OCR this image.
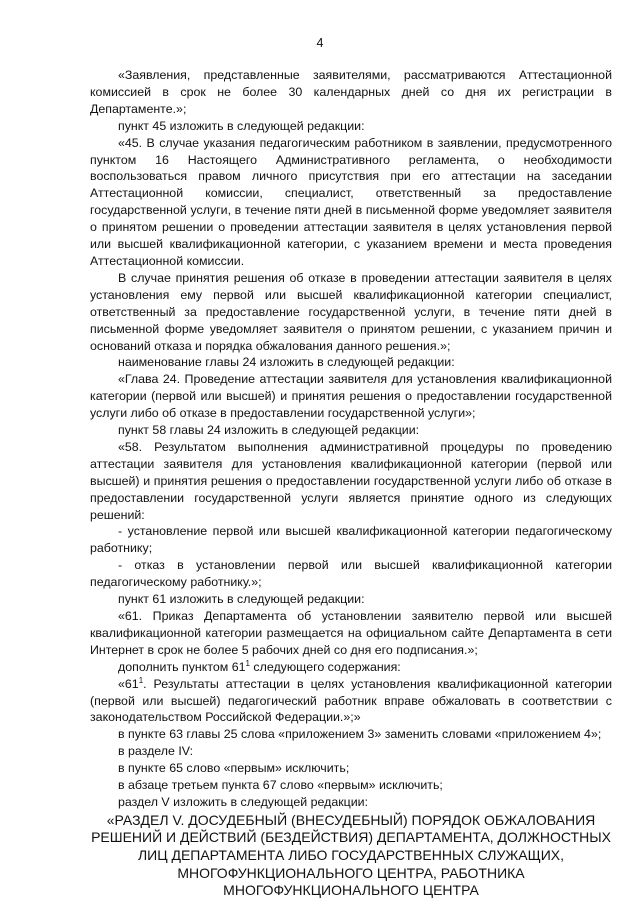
4

«Заявления, представленные заявителями, рассматриваются Аттестационной комиссией в срок не более 30 календарных дней со дня их регистрации в Департаменте.»;

пункт 45 изложить в следующей редакции:

«45. В случае указания педагогическим работником в заявлении, предусмотренного пунктом 16 Настоящего Административного регламента, о необходимости воспользоваться правом личного присутствия при его аттестации на заседании Аттестационной комиссии, специалист, ответственный за предоставление государственной услуги, в течение пяти дней в письменной форме уведомляет заявителя о принятом решении о проведении аттестации заявителя в целях установления первой или высшей квалификационной категории, с указанием времени и места проведения Аттестационной комиссии.

В случае принятия решения об отказе в проведении аттестации заявителя в целях установления ему первой или высшей квалификационной категории специалист, ответственный за предоставление государственной услуги, в течение пяти дней в письменной форме уведомляет заявителя о принятом решении, с указанием причин и оснований отказа и порядка обжалования данного решения.»;

наименование главы 24 изложить в следующей редакции:

«Глава 24. Проведение аттестации заявителя для установления квалификационной категории (первой или высшей) и принятия решения о предоставлении государственной услуги либо об отказе в предоставлении государственной услуги»;

пункт 58 главы 24 изложить в следующей редакции:

«58. Результатом выполнения административной процедуры по проведению аттестации заявителя для установления квалификационной категории (первой или высшей) и принятия решения о предоставлении государственной услуги либо об отказе в предоставлении государственной услуги является принятие одного из следующих решений:

- установление первой или высшей квалификационной категории педагогическому работнику;

- отказ в установлении первой или высшей квалификационной категории педагогическому работнику.»;

пункт 61 изложить в следующей редакции:

«61. Приказ Департамента об установлении заявителю первой или высшей квалификационной категории размещается на официальном сайте Департамента в сети Интернет в срок не более 5 рабочих дней со дня его подписания.»;

дополнить пунктом $61^1$ следующего содержания:

«$61^1$. Результаты аттестации в целях установления квалификационной категории (первой или высшей) педагогический работник вправе обжаловать в соответствии с законодательством Российской Федерации.»;»

в пункте 63 главы 25 слова «приложением 3» заменить словами «приложением 4»;

в разделе IV:

в пункте 65 слово «первым» исключить;

в абзаце третьем пункта 67 слово «первым» исключить;

раздел V изложить в следующей редакции:

«РАЗДЕЛ V. ДОСУДЕБНЫЙ (ВНЕСУДЕБНЫЙ) ПОРЯДОК ОБЖАЛОВАНИЯ РЕШЕНИЙ И ДЕЙСТВИЙ (БЕЗДЕЙСТВИЯ) ДЕПАРТАМЕНТА, ДОЛЖНОСТНЫХ ЛИЦ ДЕПАРТАМЕНТА ЛИБО ГОСУДАРСТВЕННЫХ СЛУЖАЩИХ, МНОГОФУНКЦИОНАЛЬНОГО ЦЕНТРА, РАБОТНИКА МНОГОФУНКЦИОНАЛЬНОГО ЦЕНТРА
